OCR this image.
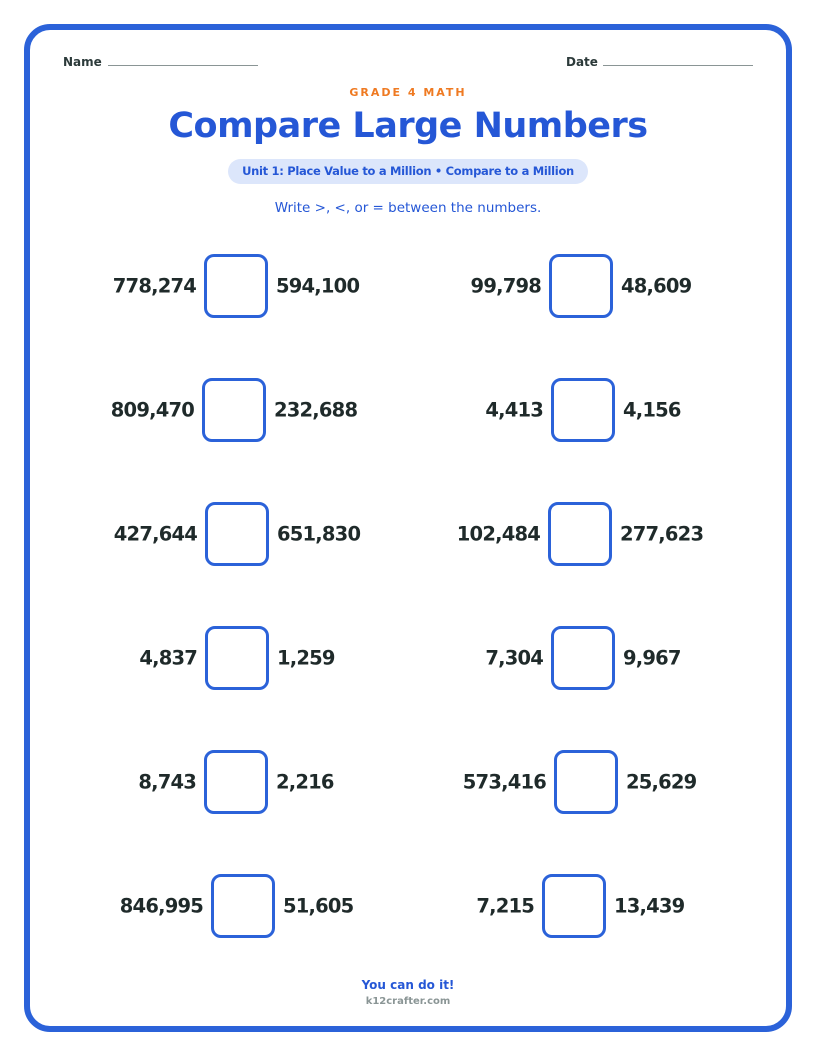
Name	Date
GRADE 4 MATH
Compare Large Numbers
Unit 1: Place Value to a Million • Compare to a Million
Write >, <, or = between the numbers.
778,274	594,100	99,798	48,609
809,470	232,688	4,413	4,156
427,644	651,830	102,484	277,623
4,837	1,259	7,304	9,967
8,743	2,216	573,416	25,629
846,995	51,605	7,215	13,439
You can do it!
k12crafter.com
